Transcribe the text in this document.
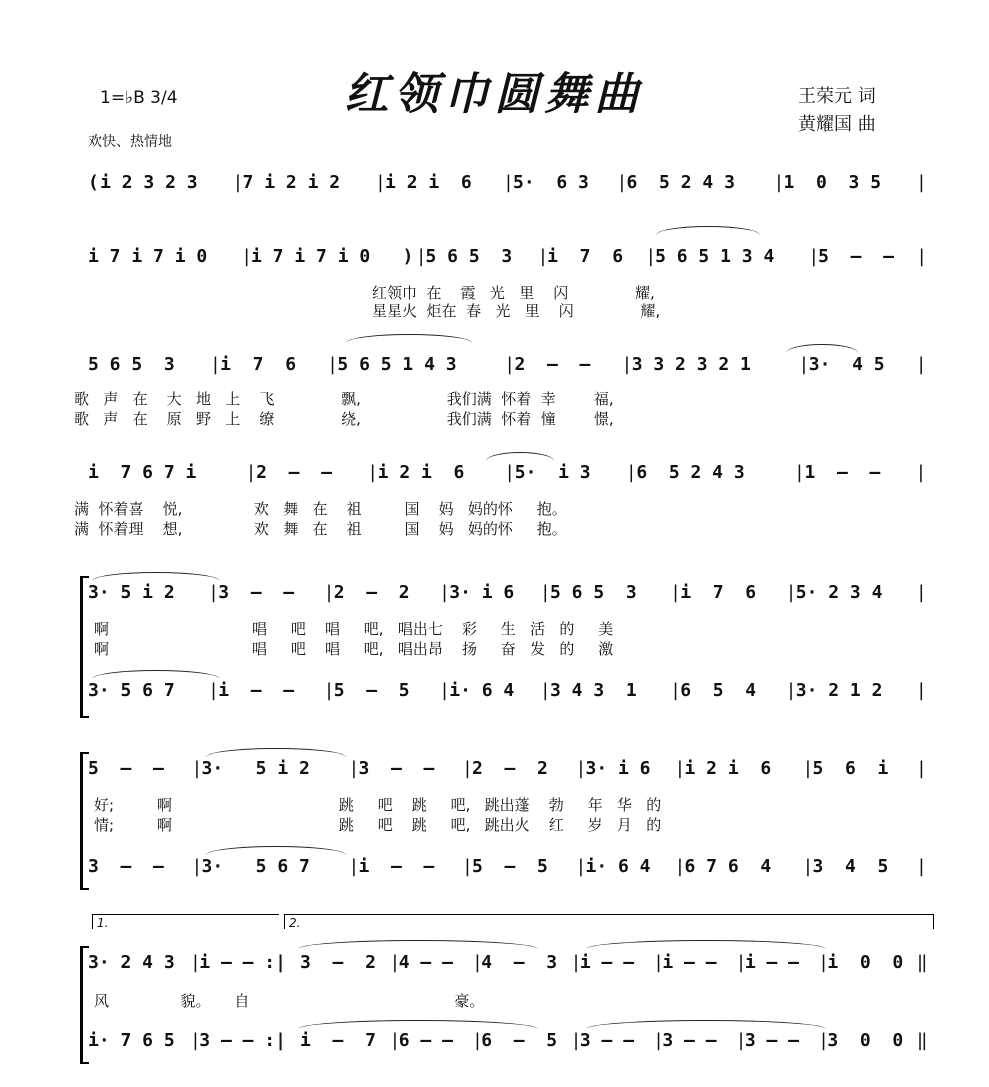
1=♭B 3/4
欢快、热情地
红领巾圆舞曲	王荣元 词
黄耀国 曲
( i 2 3 2 3 | 7 i 2 i 2 | i 2 i  6 | 5·  6 3 | 6  5 2 4 3 | 1  0  3 5 |
i 7 i 7 i 0 |
i 7 i 7 i 0 ) |
5 6 5  3 |
i  7  6 |
5 6 5 1 3 4 |
5  —  — |
5 6 5  3 | i  7  6 | 5 6 5 1 4 3	| 2  —  — | 3 3 2 3 2 1	| 3·  4 5 |
i  7 6 7 i	| 2  —  — | i 2 i  6 | 5·  i 3 | 6  5 2 4 3	| 1  —  — |
3· 5 i 2 | 3  —  — | 2  —  2 | 3· i 6 | 5 6 5  3 | i  7  6 | 5· 2 3 4 |
3· 5 6 7 | i  —  — | 5  —  5 | i· 6 4 | 3 4 3  1 | 6  5  4 | 3· 2 1 2 |
5  —  — | 3·   5 i 2 | 3  —  — | 2  —  2 | 3· i 6 | i 2 i  6 | 5  6  i |
3  —  — | 3·   5 6 7 | i  —  — | 5  —  5 | i· 6 4 | 6 7 6  4 | 3  4  5 |
3· 2 4 3 |
i — — :| 3  —  2 |
4 — — |
4  —  3 |
i — — |
i — — |
i — — |
i  0  0 ‖
i· 7 6 5 |
3 — — :| i  —  7 |
6 — — |
6  —  5 |
3 — — |
3 — — |
3 — — |
3  0  0 ‖
红领巾  在    霞   光   里    闪              耀,
星星火  炬在  春   光   里    闪              耀,
歌   声   在    大   地   上    飞              飘,                  我们满  怀着  幸        福,
歌   声   在    原   野   上    缭              绕,                  我们满  怀着  憧        憬,
满  怀着喜    悦,               欢   舞   在    祖         国    妈   妈的怀     抱。
满  怀着理    想,               欢   舞   在    祖         国    妈   妈的怀     抱。
啊                              唱     吧    唱     吧,   唱出七    彩     生   活   的     美
啊                              唱     吧    唱     吧,   唱出昂    扬     奋   发   的     激
好;         啊                                   跳     吧    跳     吧,   跳出蓬    勃     年   华   的
情;         啊                                   跳     吧    跳     吧,   跳出火    红     岁   月   的
风               貌。     自                                           豪。
1.	2.
